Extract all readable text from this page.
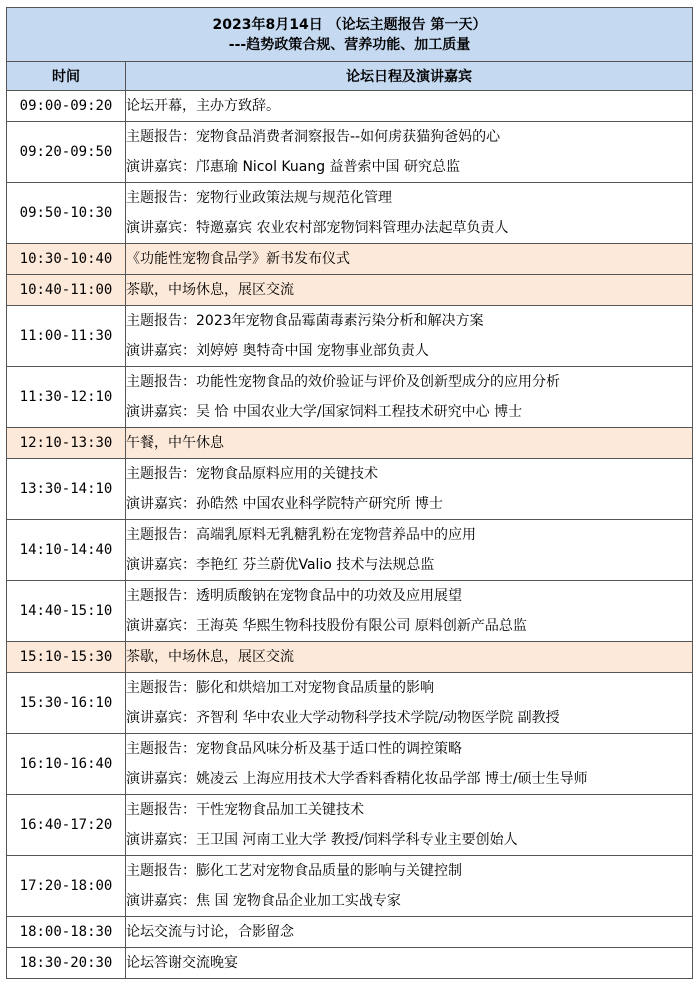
2023年8月14日 （论坛主题报告 第一天）
---趋势政策合规、营养功能、加工质量	

时间	论坛日程及演讲嘉宾
09:00-09:20	论坛开幕，主办方致辞。

09:20-09:50	主题报告：宠物食品消费者洞察报告--如何虏获猫狗爸妈的心
演讲嘉宾：邝惠瑜 Nicol Kuang 益普索中国 研究总监

09:50-10:30	主题报告：宠物行业政策法规与规范化管理
演讲嘉宾：特邀嘉宾 农业农村部宠物饲料管理办法起草负责人

10:30-10:40	《功能性宠物食品学》新书发布仪式

10:40-11:00	茶歇，中场休息，展区交流

11:00-11:30	主题报告：2023年宠物食品霉菌毒素污染分析和解决方案
演讲嘉宾：刘婷婷 奥特奇中国 宠物事业部负责人

11:30-12:10	主题报告：功能性宠物食品的效价验证与评价及创新型成分的应用分析
演讲嘉宾：吴 恰 中国农业大学/国家饲料工程技术研究中心 博士

12:10-13:30	午餐，中午休息

13:30-14:10	主题报告：宠物食品原料应用的关键技术
演讲嘉宾：孙皓然 中国农业科学院特产研究所 博士

14:10-14:40	主题报告：高端乳原料无乳糖乳粉在宠物营养品中的应用
演讲嘉宾：李艳红 芬兰蔚优Valio 技术与法规总监

14:40-15:10	主题报告：透明质酸钠在宠物食品中的功效及应用展望
演讲嘉宾：王海英 华熙生物科技股份有限公司 原料创新产品总监

15:10-15:30	茶歇，中场休息，展区交流

15:30-16:10	主题报告：膨化和烘焙加工对宠物食品质量的影响
演讲嘉宾：齐智利 华中农业大学动物科学技术学院/动物医学院 副教授

16:10-16:40	主题报告：宠物食品风味分析及基于适口性的调控策略
演讲嘉宾：姚凌云 上海应用技术大学香料香精化妆品学部 博士/硕士生导师

16:40-17:20	主题报告：干性宠物食品加工关键技术
演讲嘉宾：王卫国 河南工业大学 教授/饲料学科专业主要创始人

17:20-18:00	主题报告：膨化工艺对宠物食品质量的影响与关键控制
演讲嘉宾：焦 国 宠物食品企业加工实战专家

18:00-18:30	论坛交流与讨论，合影留念

18:30-20:30	论坛答谢交流晚宴
